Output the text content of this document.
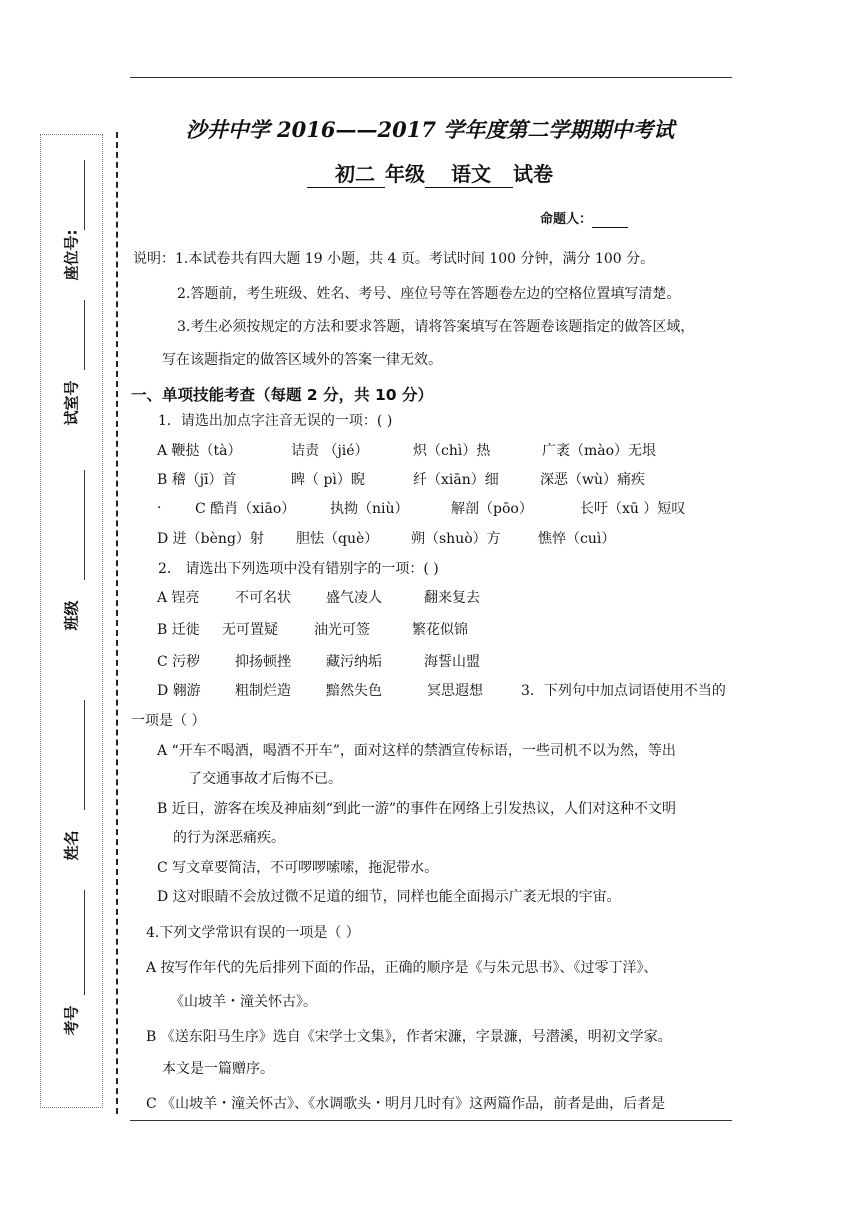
座位号:
试室号
班级
姓名
考号
沙井中学 2016——2017 学年度第二学期期中考试
初二 年级 语文 试卷
命题人：
说明：1.本试卷共有四大题 19 小题，共 4 页。考试时间 100 分钟，满分 100 分。
2.答题前，考生班级、姓名、考号、座位号等在答题卷左边的空格位置填写清楚。
3.考生必须按规定的方法和要求答题，请将答案填写在答题卷该题指定的做答区域，
写在该题指定的做答区域外的答案一律无效。
一、单项技能考查（每题 2 分，共 10 分）
1．请选出加点字注音无误的一项：( )
A 鞭挞（tà）	诘责 （jié）	炽（chì）热	广袤（mào）无垠
B 稽（jī）首	睥（ pì）睨	纤（xiān）细	深恶（wù）痛疾
. C 酷肖（xiāo） 执拗（niù）	解剖（pōo）	长吁（xū ）短叹
D 迸（bèng）射 胆怯（què） 朔（shuò）方	憔悴（cuì）
2． 请选出下列选项中没有错别字的一项：( )
A 锃亮	不可名状	盛气凌人	翻来复去
B 迁徙 无可置疑	油光可签	繁花似锦
C 污秽 抑扬顿挫	藏污纳垢	海誓山盟
D 翱游 粗制烂造	黯然失色	冥思遐想	3．下列句中加点词语使用不当的
一项是（ ）
A “开车不喝酒，喝酒不开车”，面对这样的禁酒宣传标语，一些司机不以为然，等出
了交通事故才后悔不已。
B 近日，游客在埃及神庙刻“到此一游”的事件在网络上引发热议，人们对这种不文明
的行为深恶痛疾。
C 写文章要简洁，不可啰啰嗦嗦，拖泥带水。
D 这对眼睛不会放过微不足道的细节，同样也能全面揭示广袤无垠的宇宙。
4.下列文学常识有误的一项是（ ）
A 按写作年代的先后排列下面的作品，正确的顺序是《与朱元思书》、《过零丁洋》、
《山坡羊・潼关怀古》。
B 《送东阳马生序》选自《宋学士文集》，作者宋濂，字景濂，号潜溪，明初文学家。
本文是一篇赠序。
C 《山坡羊・潼关怀古》、《水调歌头・明月几时有》这两篇作品，前者是曲，后者是
